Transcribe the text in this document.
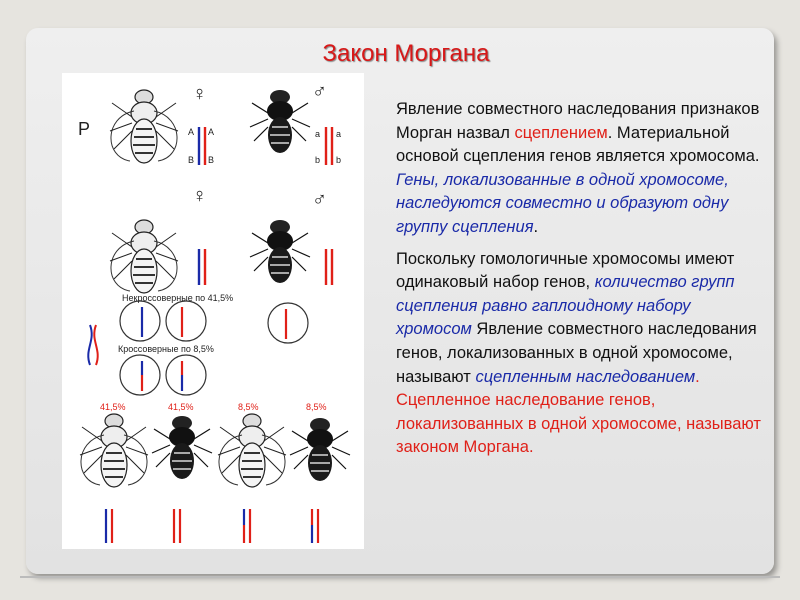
Закон Моргана
P
♀	♂
♀	♂
A A
B B
a a
b b
Некроссоверные по 41,5%
Кроссоверные по 8,5%
41,5%	41,5%	8,5%	8,5%

Явление совместного наследования признаков Морган назвал сцеплением. Материальной основой сцепления генов является хромосома. Гены, локализованные в одной хромосоме, наследуются совместно и образуют одну группу сцепления.

Поскольку гомологичные хромосомы имеют одинаковый набор генов, количество групп сцепления равно гаплоидному набору хромосом Явление совместного наследования генов, локализованных в одной хромосоме, называют сцепленным наследованием. Сцепленное наследование генов, локализованных в одной хромосоме, называют законом Моргана.
